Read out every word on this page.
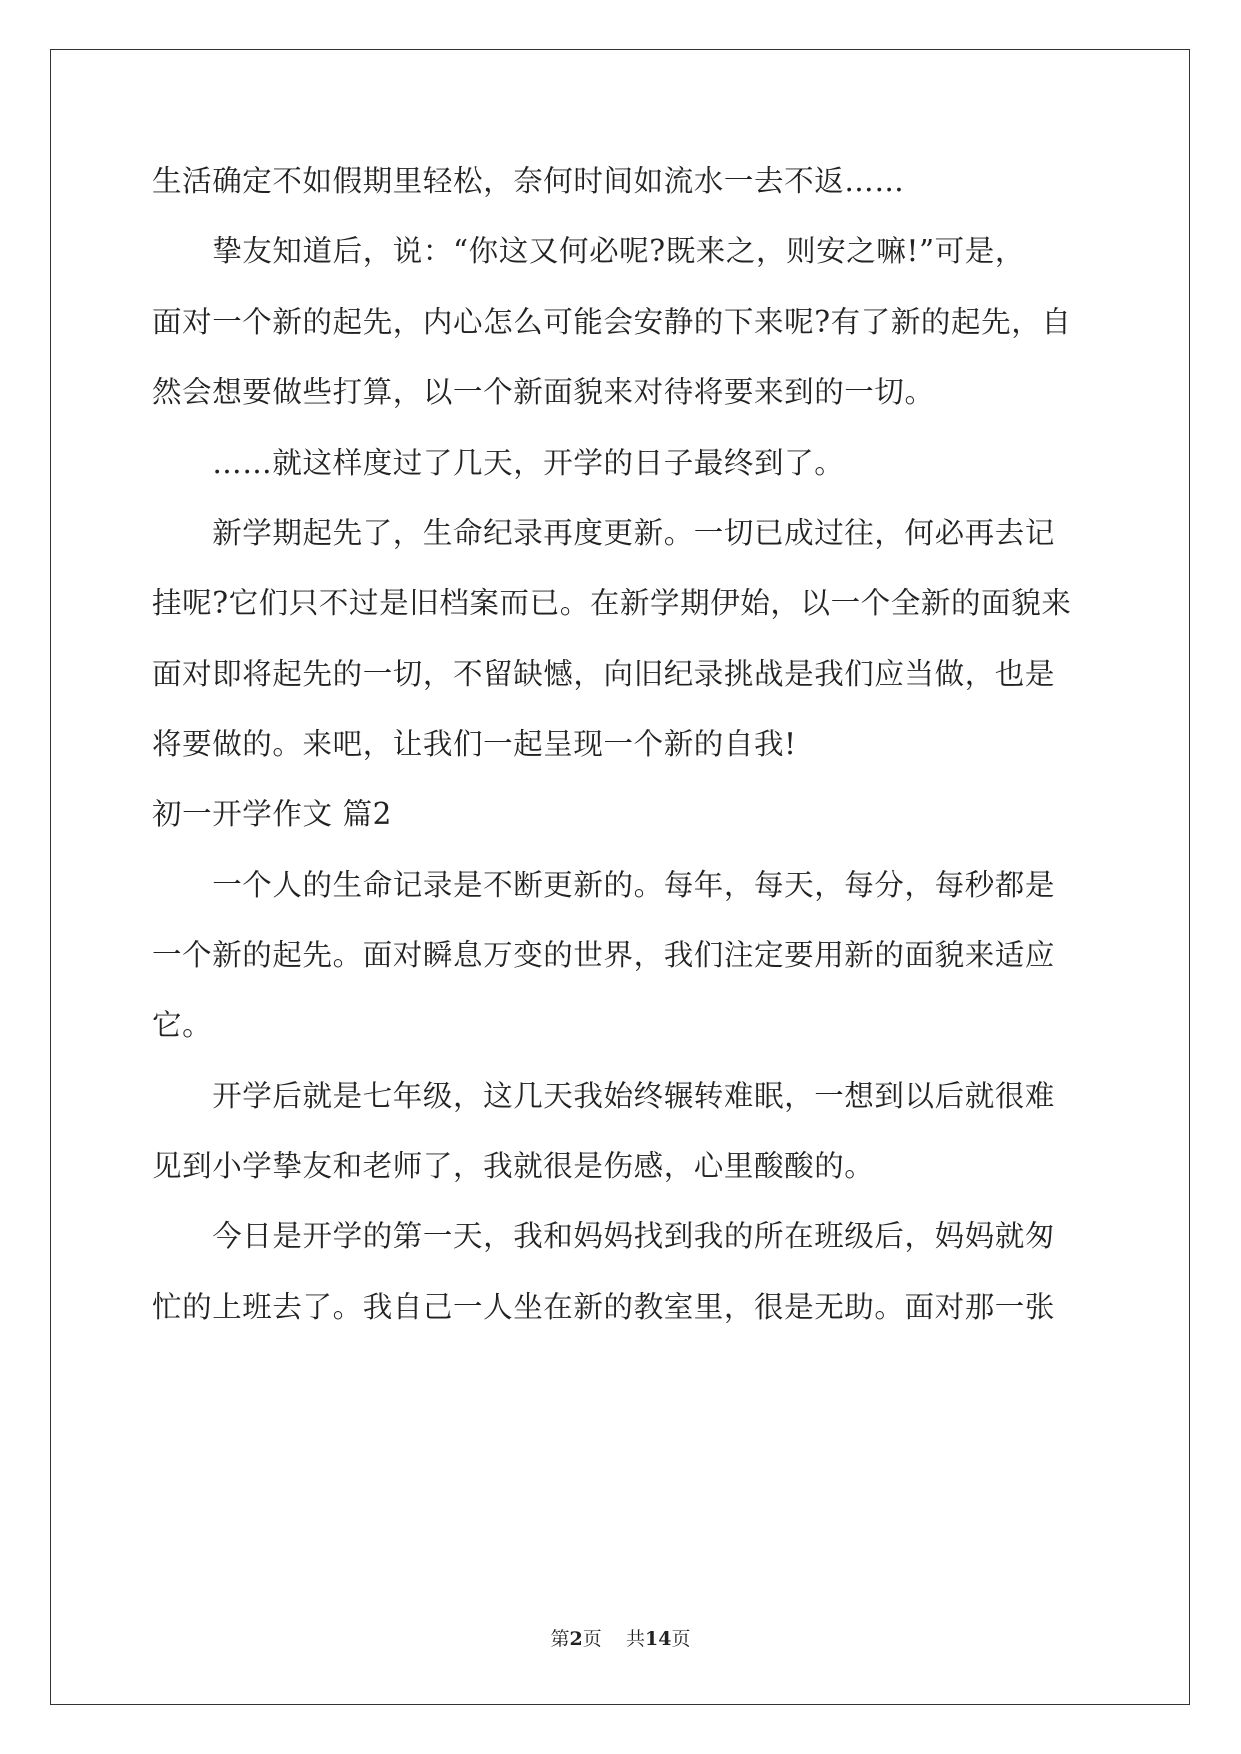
生活确定不如假期里轻松，奈何时间如流水一去不返……
　　挚友知道后，说：“你这又何必呢?既来之，则安之嘛!”可是，
面对一个新的起先，内心怎么可能会安静的下来呢?有了新的起先，自
然会想要做些打算，以一个新面貌来对待将要来到的一切。
　　……就这样度过了几天，开学的日子最终到了。
　　新学期起先了，生命纪录再度更新。一切已成过往，何必再去记
挂呢?它们只不过是旧档案而已。在新学期伊始，以一个全新的面貌来
面对即将起先的一切，不留缺憾，向旧纪录挑战是我们应当做，也是
将要做的。来吧，让我们一起呈现一个新的自我!
初一开学作文 篇2
　　一个人的生命记录是不断更新的。每年，每天，每分，每秒都是
一个新的起先。面对瞬息万变的世界，我们注定要用新的面貌来适应
它。
　　开学后就是七年级，这几天我始终辗转难眠，一想到以后就很难
见到小学挚友和老师了，我就很是伤感，心里酸酸的。
　　今日是开学的第一天，我和妈妈找到我的所在班级后，妈妈就匆
忙的上班去了。我自己一人坐在新的教室里，很是无助。面对那一张
第2页 共14页
